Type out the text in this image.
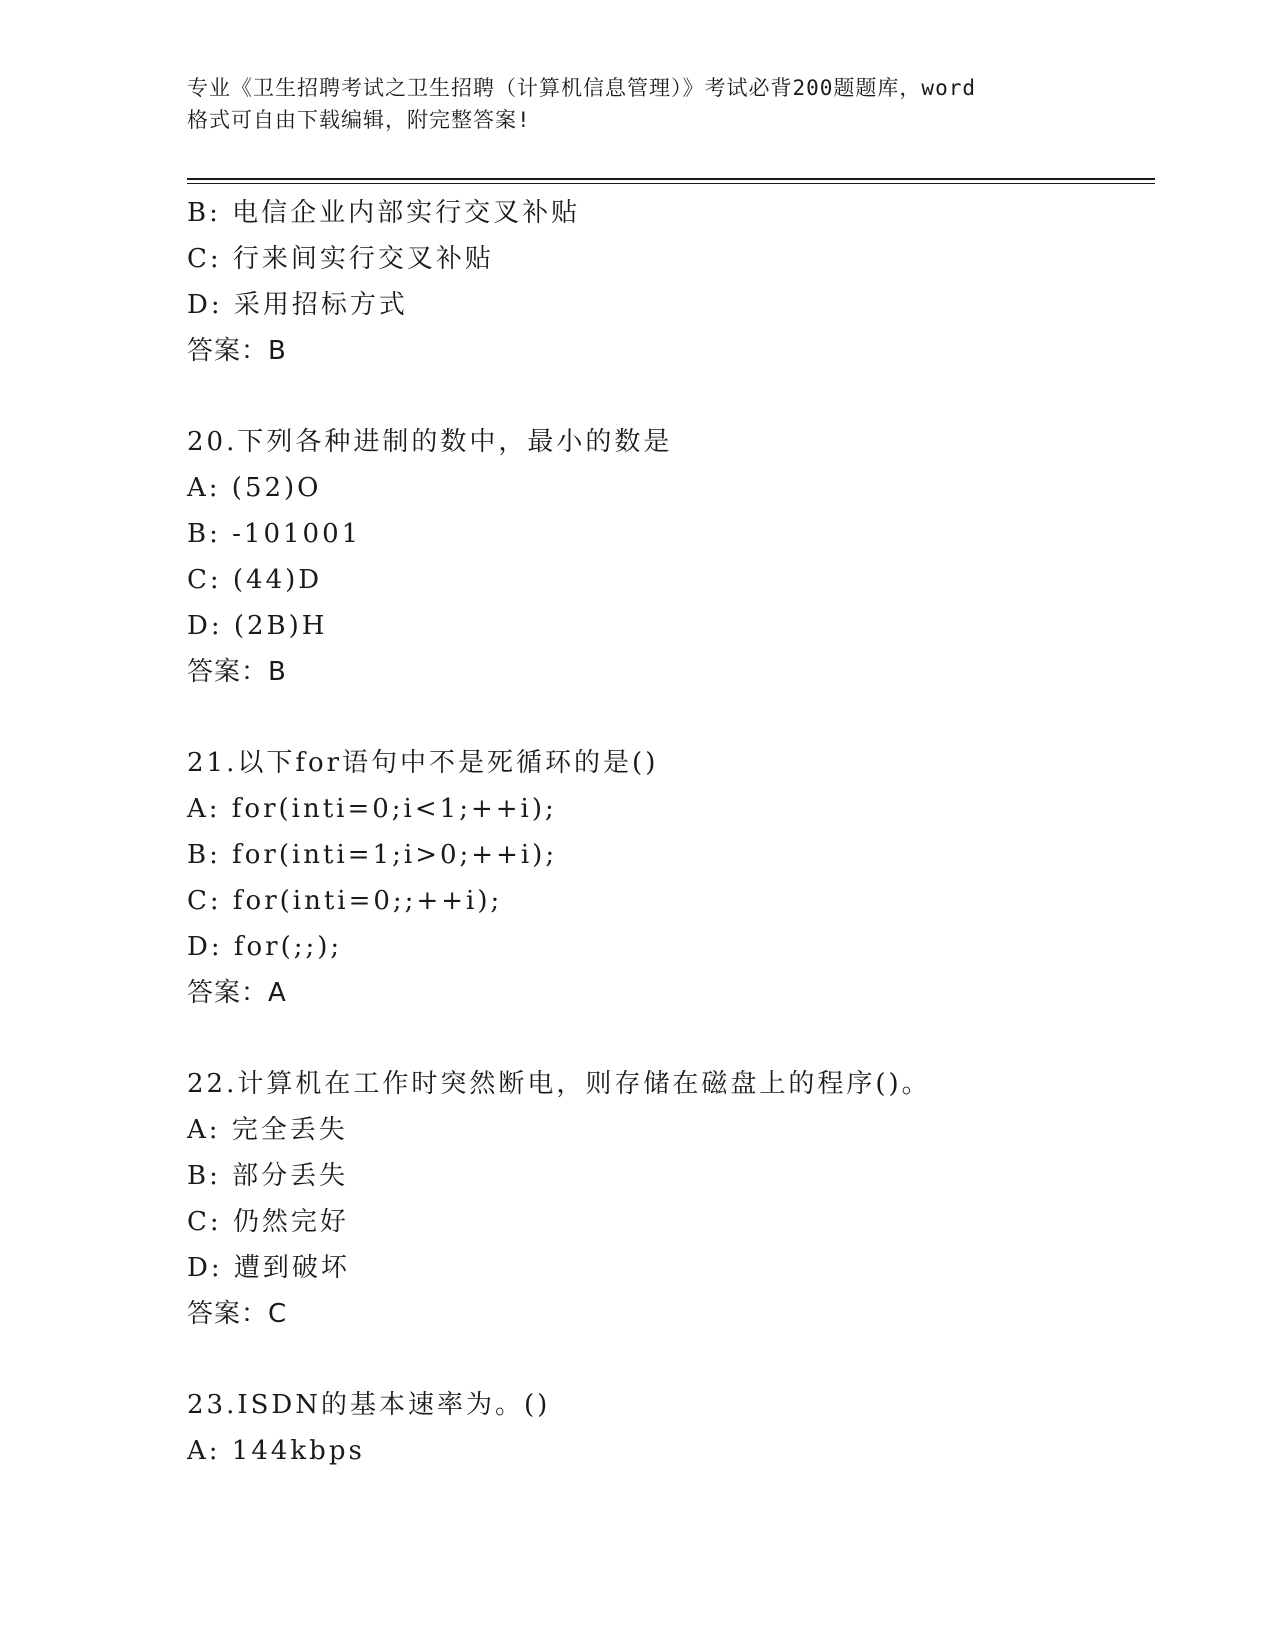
专业《卫生招聘考试之卫生招聘（计算机信息管理）》考试必背200题题库，word
格式可自由下载编辑，附完整答案!
B: 电信企业内部实行交叉补贴
C: 行来间实行交叉补贴
D: 采用招标方式
答案：B
20.下列各种进制的数中，最小的数是
A: (52)O
B: -101001
C: (44)D
D: (2B)H
答案：B
21.以下for语句中不是死循环的是()
A: for(inti=0;i<1;++i);
B: for(inti=1;i>0;++i);
C: for(inti=0;;++i);
D: for(;;);
答案：A
22.计算机在工作时突然断电，则存储在磁盘上的程序()。
A: 完全丢失
B: 部分丢失
C: 仍然完好
D: 遭到破坏
答案：C
23.ISDN的基本速率为。()
A: 144kbps
